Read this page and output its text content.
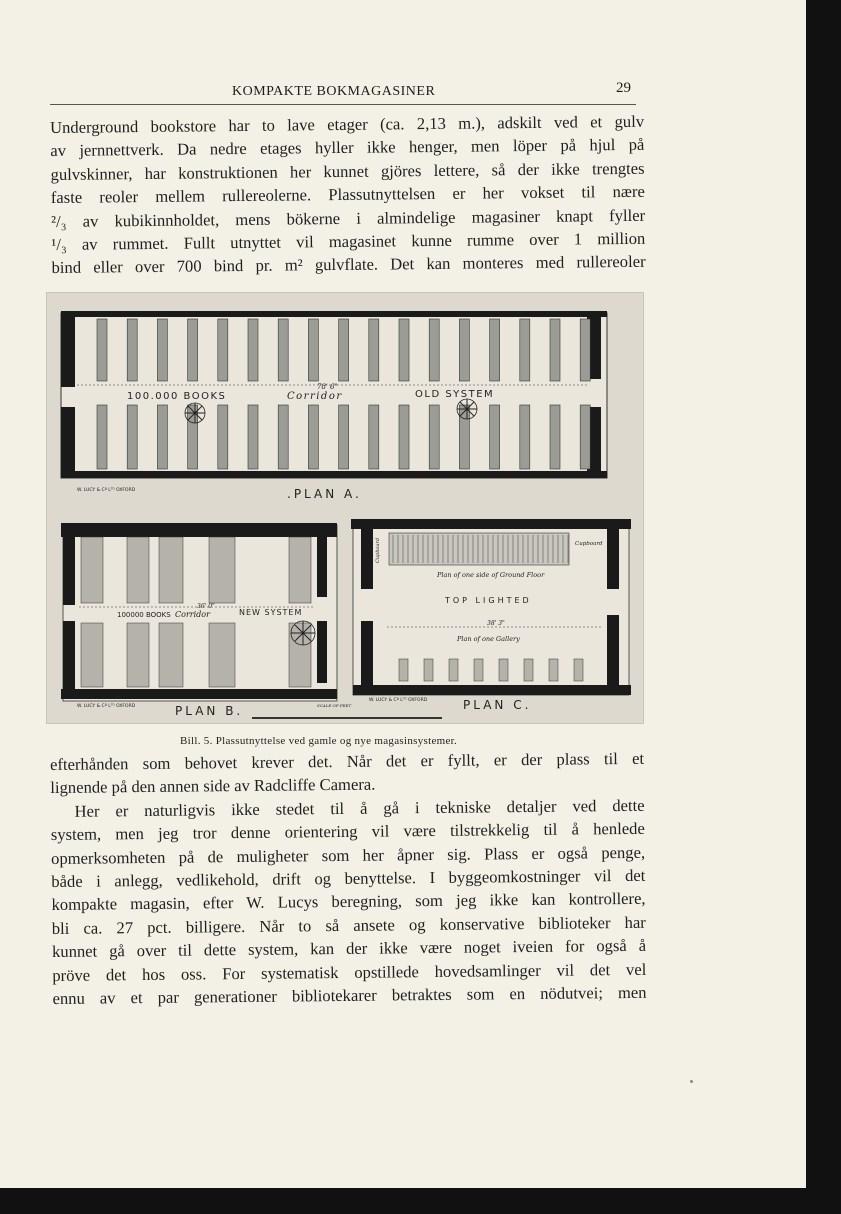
KOMPAKTE BOKMAGASINER	29
Underground bookstore har to lave etager (ca. 2,13 m.), adskilt ved et gulv
av jernnettverk. Da nedre etages hyller ikke henger, men löper på hjul på
gulvskinner, har konstruktionen her kunnet gjöres lettere, så der ikke trengtes
faste reoler mellem rullereolerne. Plassutnyttelsen er her vokset til nære
²/₃ av kubikinnholdet, mens bökerne i almindelige magasiner knapt fyller
¹/₃ av rummet. Fullt utnyttet vil magasinet kunne rumme over 1 million
bind eller over 700 bind pr. m² gulvflate. Det kan monteres med rullereoler
100.000 BOOKS	Corridor
78' 6"
OLD SYSTEM
W. LUCY & Cº Lᵀᴰ OXFORD	.PLAN A.
100000 BOOKS Corridor
36' 0"
NEW SYSTEM
W. LUCY & Cº Lᵀᴰ OXFORD	PLAN B.	SCALE OF FEET
Cupboard	Cupboard
Plan of one side of Ground Floor
TOP LIGHTED
38' 3"
Plan of one Gallery
W. LUCY & Cº Lᵀᴰ OXFORD	PLAN C.
Bill. 5. Plassutnyttelse ved gamle og nye magasinsystemer.
efterhånden som behovet krever det. Når det er fyllt, er der plass til et
lignende på den annen side av Radcliffe Camera.
Her er naturligvis ikke stedet til å gå i tekniske detaljer ved dette
system, men jeg tror denne orientering vil være tilstrekkelig til å henlede
opmerksomheten på de muligheter som her åpner sig. Plass er også penge,
både i anlegg, vedlikehold, drift og benyttelse. I byggeomkostninger vil det
kompakte magasin, efter W. Lucys beregning, som jeg ikke kan kontrollere,
bli ca. 27 pct. billigere. Når to så ansete og konservative biblioteker har
kunnet gå over til dette system, kan der ikke være noget iveien for også å
pröve det hos oss. For systematisk opstillede hovedsamlinger vil det vel
ennu av et par generationer bibliotekarer betraktes som en nödutvei; men
